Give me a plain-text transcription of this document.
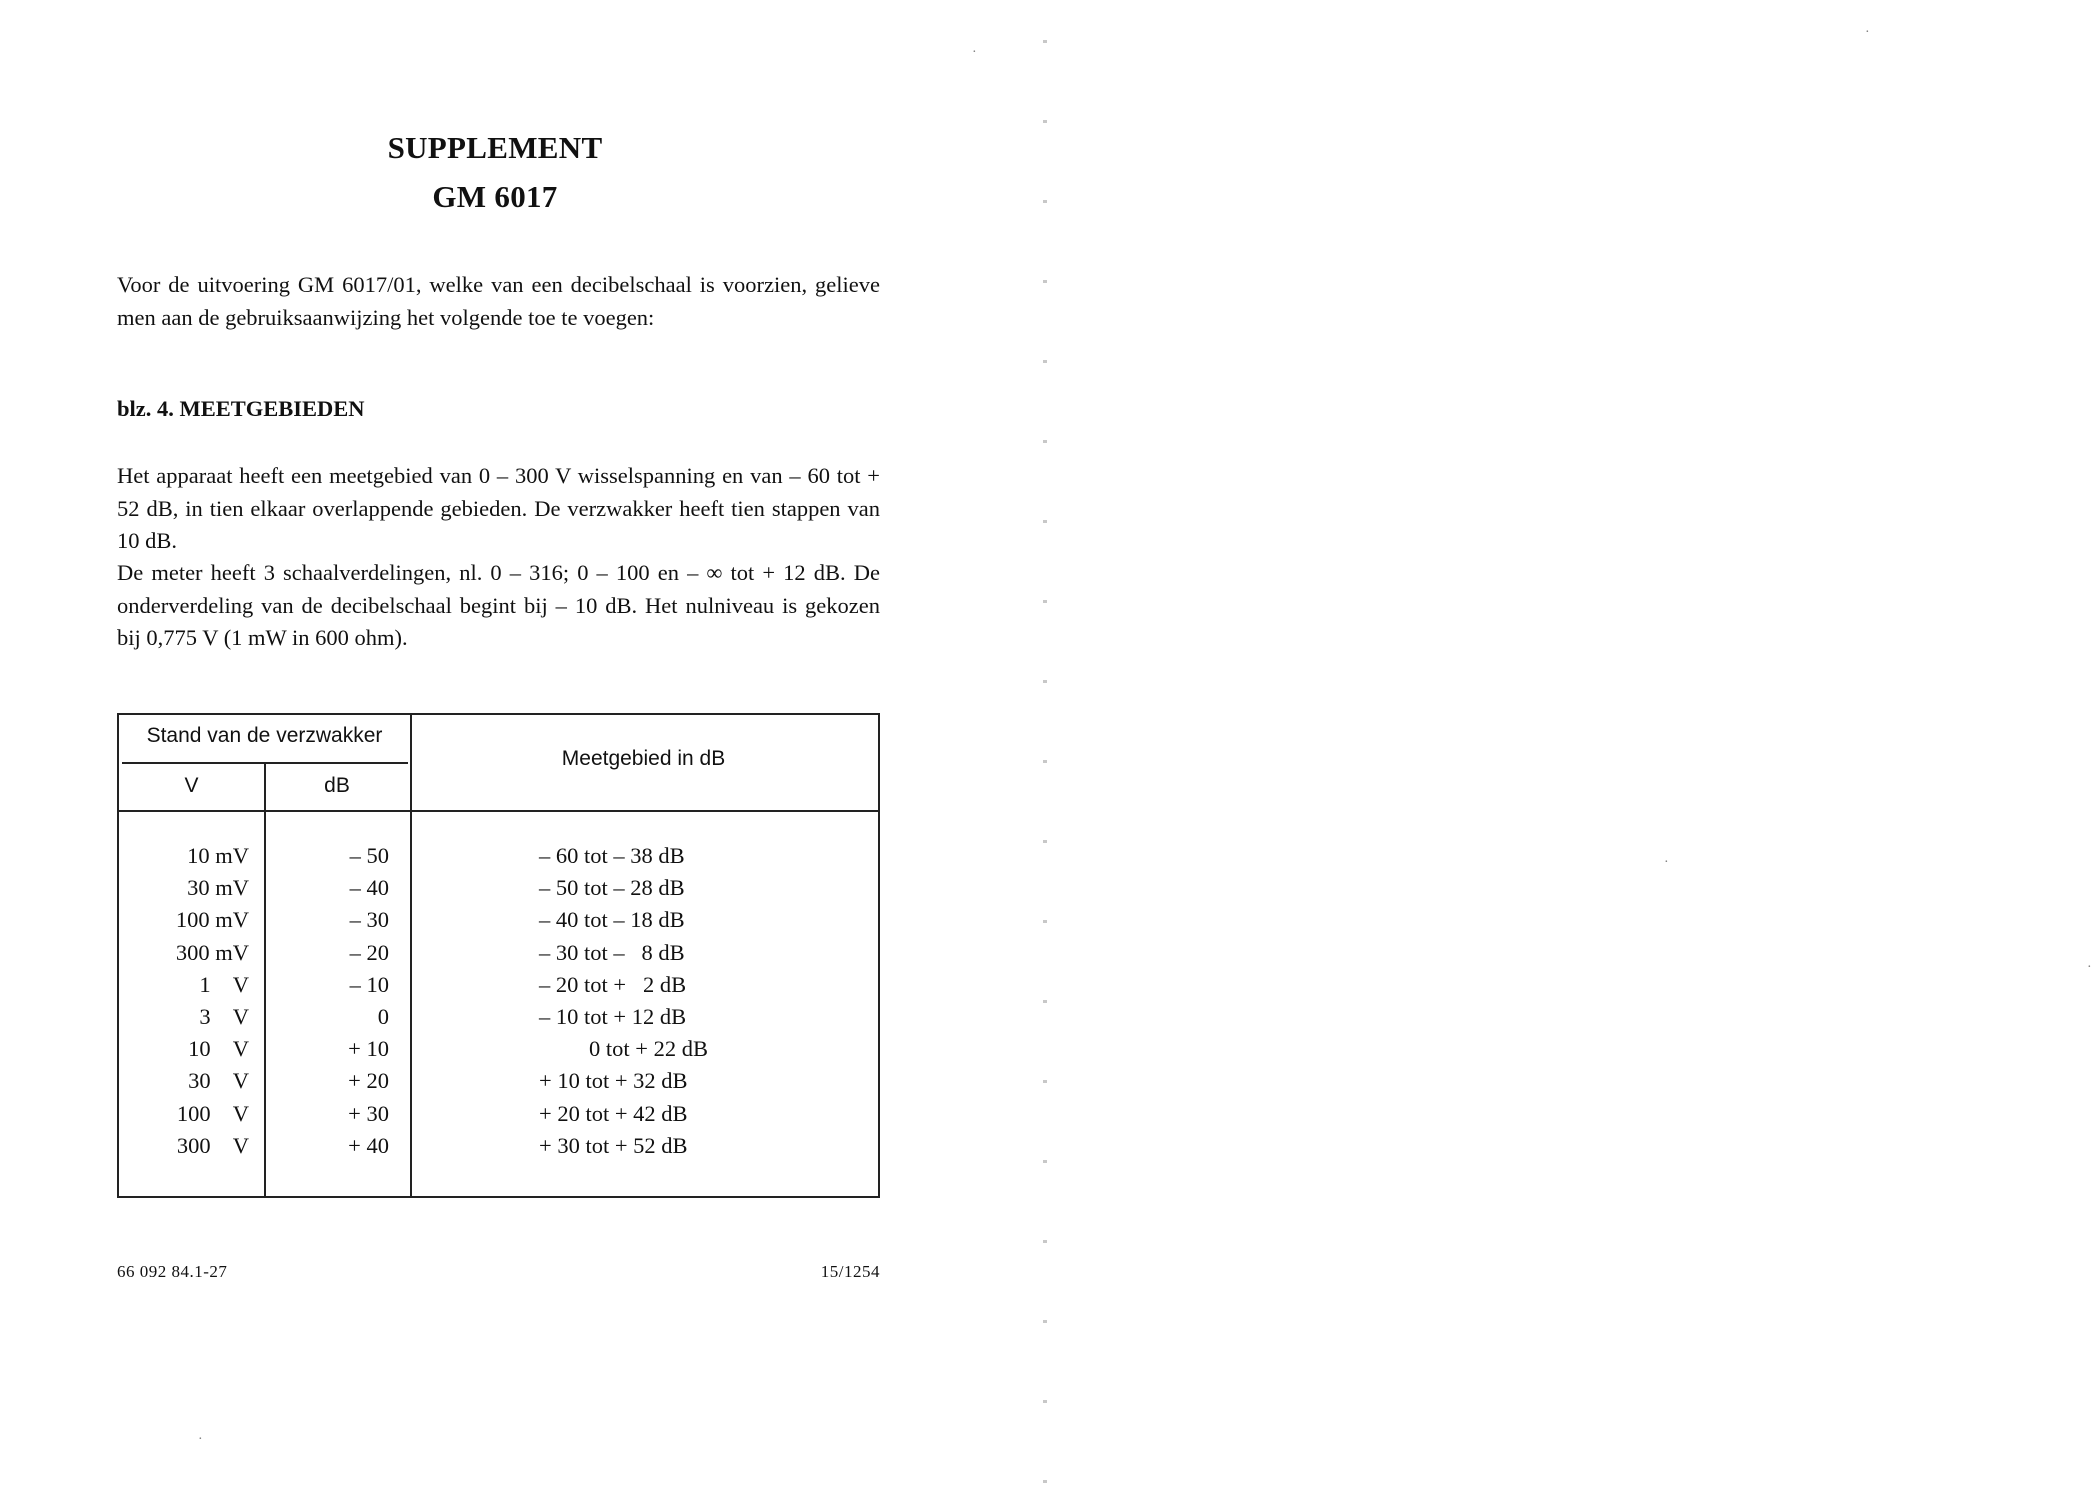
SUPPLEMENT
GM 6017
Voor de uitvoering GM 6017/01, welke van een decibelschaal is voorzien, gelieve men aan de gebruiksaanwijzing het volgende toe te voegen:
blz. 4. MEETGEBIEDEN
Het apparaat heeft een meetgebied van 0 – 300 V wisselspanning en van – 60 tot + 52 dB, in tien elkaar overlappende gebieden. De verzwakker heeft tien stappen van 10 dB.
De meter heeft 3 schaalverdelingen, nl. 0 – 316; 0 – 100 en – ∞ tot + 12 dB. De onderverdeling van de decibelschaal begint bij – 10 dB. Het nulniveau is gekozen bij 0,775 V (1 mW in 600 ohm).
Stand van de verzwakker
V	dB
Meetgebied in dB
10 mV	– 50	– 60 tot – 38 dB
30 mV	– 40	– 50 tot – 28 dB
100 mV	– 30	– 40 tot – 18 dB
300 mV	– 20	– 30 tot –   8 dB
1    V	– 10	– 20 tot +   2 dB
3    V	0	– 10 tot + 12 dB
10    V	+ 10	0 tot + 22 dB
30    V	+ 20	+ 10 tot + 32 dB
100    V	+ 30	+ 20 tot + 42 dB
300    V	+ 40	+ 30 tot + 52 dB
66 092 84.1-27	15/1254
·
·
·
·
·
